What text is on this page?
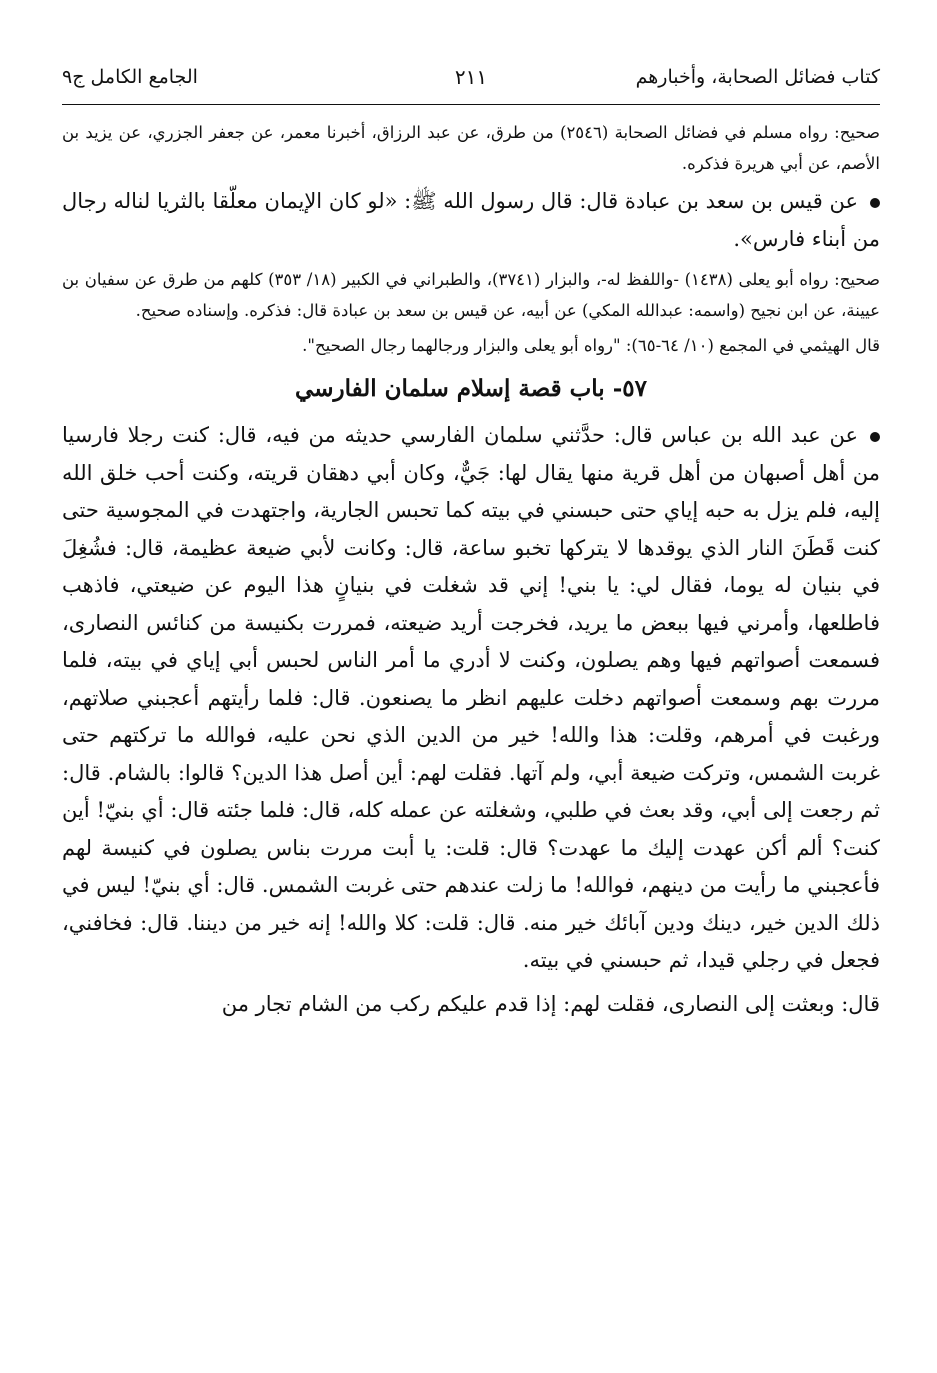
كتاب فضائل الصحابة، وأخبارهم
٢١١
الجامع الكامل ج٩

صحيح: رواه مسلم في فضائل الصحابة (٢٥٤٦) من طرق، عن عبد الرزاق، أخبرنا معمر، عن جعفر الجزري، عن يزيد بن الأصم، عن أبي هريرة فذكره.

عن قيس بن سعد بن عبادة قال: قال رسول الله ﷺ: «لو كان الإيمان معلّقا بالثريا لناله رجال من أبناء فارس».

صحيح: رواه أبو يعلى (١٤٣٨) -واللفظ له-، والبزار (٣٧٤١)، والطبراني في الكبير (١٨/ ٣٥٣) كلهم من طرق عن سفيان بن عيينة، عن ابن نجيح (واسمه: عبدالله المكي) عن أبيه، عن قيس بن سعد بن عبادة قال: فذكره. وإسناده صحيح.

قال الهيثمي في المجمع (١٠/ ٦٤-٦٥): "رواه أبو يعلى والبزار ورجالهما رجال الصحيح".

٥٧- باب قصة إسلام سلمان الفارسي

عن عبد الله بن عباس قال: حدَّثني سلمان الفارسي حديثه من فيه، قال: كنت رجلا فارسيا من أهل أصبهان من أهل قرية منها يقال لها: جَيٌّ، وكان أبي دهقان قريته، وكنت أحب خلق الله إليه، فلم يزل به حبه إياي حتى حبسني في بيته كما تحبس الجارية، واجتهدت في المجوسية حتى كنت قَطَنَ النار الذي يوقدها لا يتركها تخبو ساعة، قال: وكانت لأبي ضيعة عظيمة، قال: فشُغِلَ في بنيان له يوما، فقال لي: يا بني! إني قد شغلت في بنيانٍ هذا اليوم عن ضيعتي، فاذهب فاطلعها، وأمرني فيها ببعض ما يريد، فخرجت أريد ضيعته، فمررت بكنيسة من كنائس النصارى، فسمعت أصواتهم فيها وهم يصلون، وكنت لا أدري ما أمر الناس لحبس أبي إياي في بيته، فلما مررت بهم وسمعت أصواتهم دخلت عليهم انظر ما يصنعون. قال: فلما رأيتهم أعجبني صلاتهم، ورغبت في أمرهم، وقلت: هذا والله! خير من الدين الذي نحن عليه، فوالله ما تركتهم حتى غربت الشمس، وتركت ضيعة أبي، ولم آتها. فقلت لهم: أين أصل هذا الدين؟ قالوا: بالشام. قال: ثم رجعت إلى أبي، وقد بعث في طلبي، وشغلته عن عمله كله، قال: فلما جئته قال: أي بنيّ! أين كنت؟ ألم أكن عهدت إليك ما عهدت؟ قال: قلت: يا أبت مررت بناس يصلون في كنيسة لهم فأعجبني ما رأيت من دينهم، فوالله! ما زلت عندهم حتى غربت الشمس. قال: أي بنيّ! ليس في ذلك الدين خير، دينك ودين آبائك خير منه. قال: قلت: كلا والله! إنه خير من ديننا. قال: فخافني، فجعل في رجلي قيدا، ثم حبسني في بيته.

قال: وبعثت إلى النصارى، فقلت لهم: إذا قدم عليكم ركب من الشام تجار من
